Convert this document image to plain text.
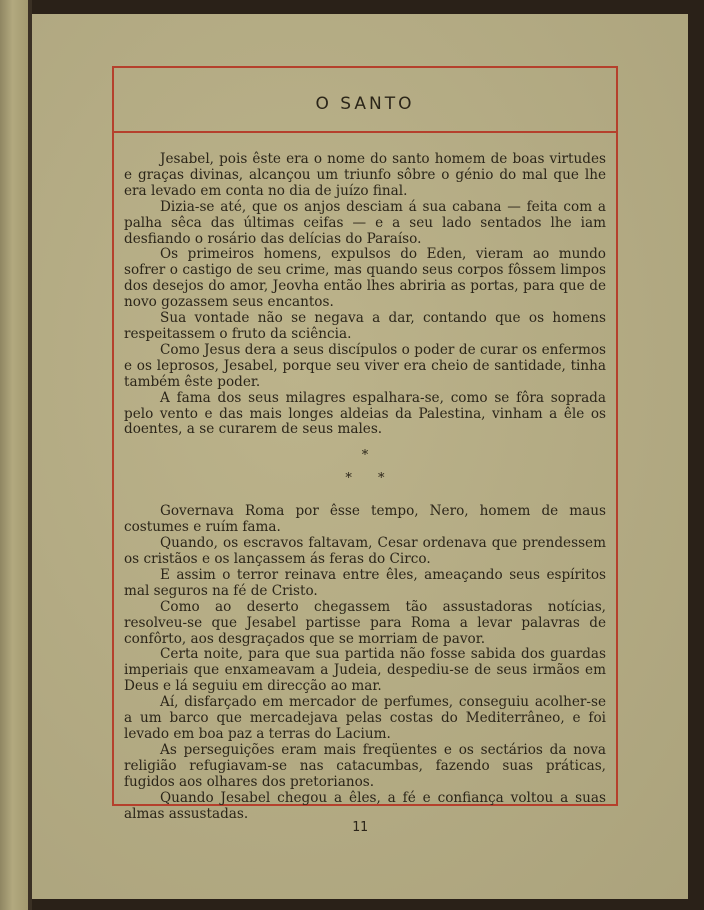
O SANTO

Jesabel, pois êste era o nome do santo homem de boas virtudes e graças divinas, alcançou um triunfo sôbre o génio do mal que lhe era levado em conta no dia de juízo final.

Dizia-se até, que os anjos desciam á sua cabana — feita com a palha sêca das últimas ceifas — e a seu lado sentados lhe iam desfiando o rosário das delícias do Paraíso.

Os primeiros homens, expulsos do Eden, vieram ao mundo sofrer o castigo de seu crime, mas quando seus corpos fôssem limpos dos desejos do amor, Jeovha então lhes abriria as portas, para que de novo gozassem seus encantos.

Sua vontade não se negava a dar, contando que os homens respeitassem o fruto da sciência.

Como Jesus dera a seus discípulos o poder de curar os enfermos e os leprosos, Jesabel, porque seu viver era cheio de santidade, tinha também êste poder.

A fama dos seus milagres espalhara-se, como se fôra soprada pelo vento e das mais longes aldeias da Palestina, vinham a êle os doentes, a se curarem de seus males.

*
* *

Governava Roma por êsse tempo, Nero, homem de maus costumes e ruím fama.

Quando, os escravos faltavam, Cesar ordenava que prendessem os cristãos e os lançassem ás feras do Circo.

E assim o terror reinava entre êles, ameaçando seus espíritos mal seguros na fé de Cristo.

Como ao deserto chegassem tão assustadoras notícias, resolveu-se que Jesabel partisse para Roma a levar palavras de confôrto, aos desgraçados que se morriam de pavor.

Certa noite, para que sua partida não fosse sabida dos guardas imperiais que enxameavam a Judeia, despediu-se de seus irmãos em Deus e lá seguiu em direcção ao mar.

Aí, disfarçado em mercador de perfumes, conseguiu acolher-se a um barco que mercadejava pelas costas do Mediterrâneo, e foi levado em boa paz a terras do Lacium.

As perseguições eram mais freqüentes e os sectários da nova religião refugiavam-se nas catacumbas, fazendo suas práticas, fugidos aos olhares dos pretorianos.

Quando Jesabel chegou a êles, a fé e confiança voltou a suas almas assustadas.

11
